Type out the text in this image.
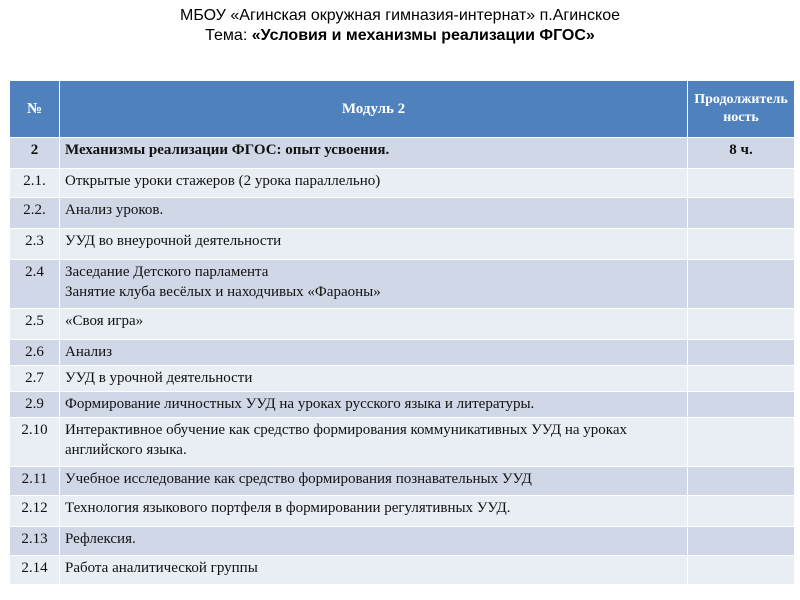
МБОУ «Агинская окружная гимназия-интернат» п.Агинское
Тема: «Условия и механизмы реализации ФГОС»
№	Модуль 2	Продолжительность
2	Механизмы реализации ФГОС: опыт усвоения.	8 ч.
2.1.	Открытые уроки стажеров (2 урока параллельно)	
2.2.	Анализ уроков.	
2.3	УУД во внеурочной деятельности	
2.4	Заседание Детского парламента
Занятие клуба весёлых и находчивых «Фараоны»	
2.5	«Своя игра»	
2.6	Анализ	
2.7	УУД в урочной деятельности	
2.9	Формирование личностных УУД на уроках русского языка и литературы.	
2.10	Интерактивное обучение как средство формирования коммуникативных УУД на уроках английского языка.	
2.11	Учебное исследование как средство формирования познавательных УУД	
2.12	Технология языкового портфеля в формировании регулятивных УУД.	
2.13	Рефлексия.	
2.14	Работа аналитической группы	
